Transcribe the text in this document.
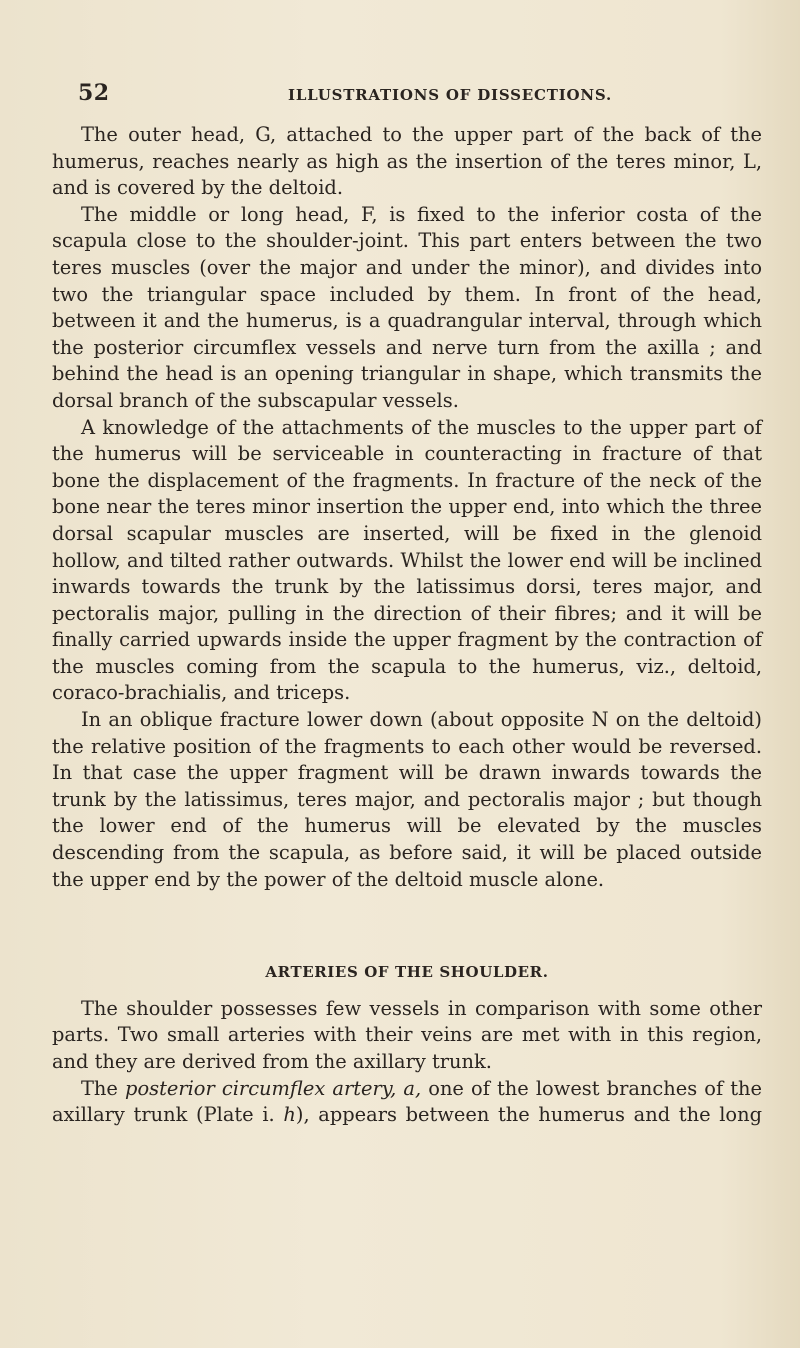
52	ILLUSTRATIONS OF DISSECTIONS.

The outer head, G, attached to the upper part of the back of the humerus, reaches nearly as high as the insertion of the teres minor, L, and is covered by the deltoid.

The middle or long head, F, is fixed to the inferior costa of the scapula close to the shoulder-joint. This part enters between the two teres muscles (over the major and under the minor), and divides into two the triangular space included by them. In front of the head, between it and the humerus, is a quadrangular interval, through which the posterior circumflex vessels and nerve turn from the axilla ; and behind the head is an opening triangular in shape, which transmits the dorsal branch of the subscapular vessels.

A knowledge of the attachments of the muscles to the upper part of the humerus will be serviceable in counteracting in fracture of that bone the displacement of the fragments. In fracture of the neck of the bone near the teres minor insertion the upper end, into which the three dorsal scapular muscles are inserted, will be fixed in the glenoid hollow, and tilted rather outwards. Whilst the lower end will be inclined inwards towards the trunk by the latissimus dorsi, teres major, and pectoralis major, pulling in the direction of their fibres; and it will be finally carried upwards inside the upper fragment by the contraction of the muscles coming from the scapula to the humerus, viz., deltoid, coraco-brachialis, and triceps.

In an oblique fracture lower down (about opposite N on the deltoid) the relative position of the fragments to each other would be reversed. In that case the upper fragment will be drawn inwards towards the trunk by the latissimus, teres major, and pectoralis major ; but though the lower end of the humerus will be elevated by the muscles descending from the scapula, as before said, it will be placed outside the upper end by the power of the deltoid muscle alone.

ARTERIES OF THE SHOULDER.

The shoulder possesses few vessels in comparison with some other parts. Two small arteries with their veins are met with in this region, and they are derived from the axillary trunk.

The posterior circumflex artery, a, one of the lowest branches of the axillary trunk (Plate i. h), appears between the humerus and the long
